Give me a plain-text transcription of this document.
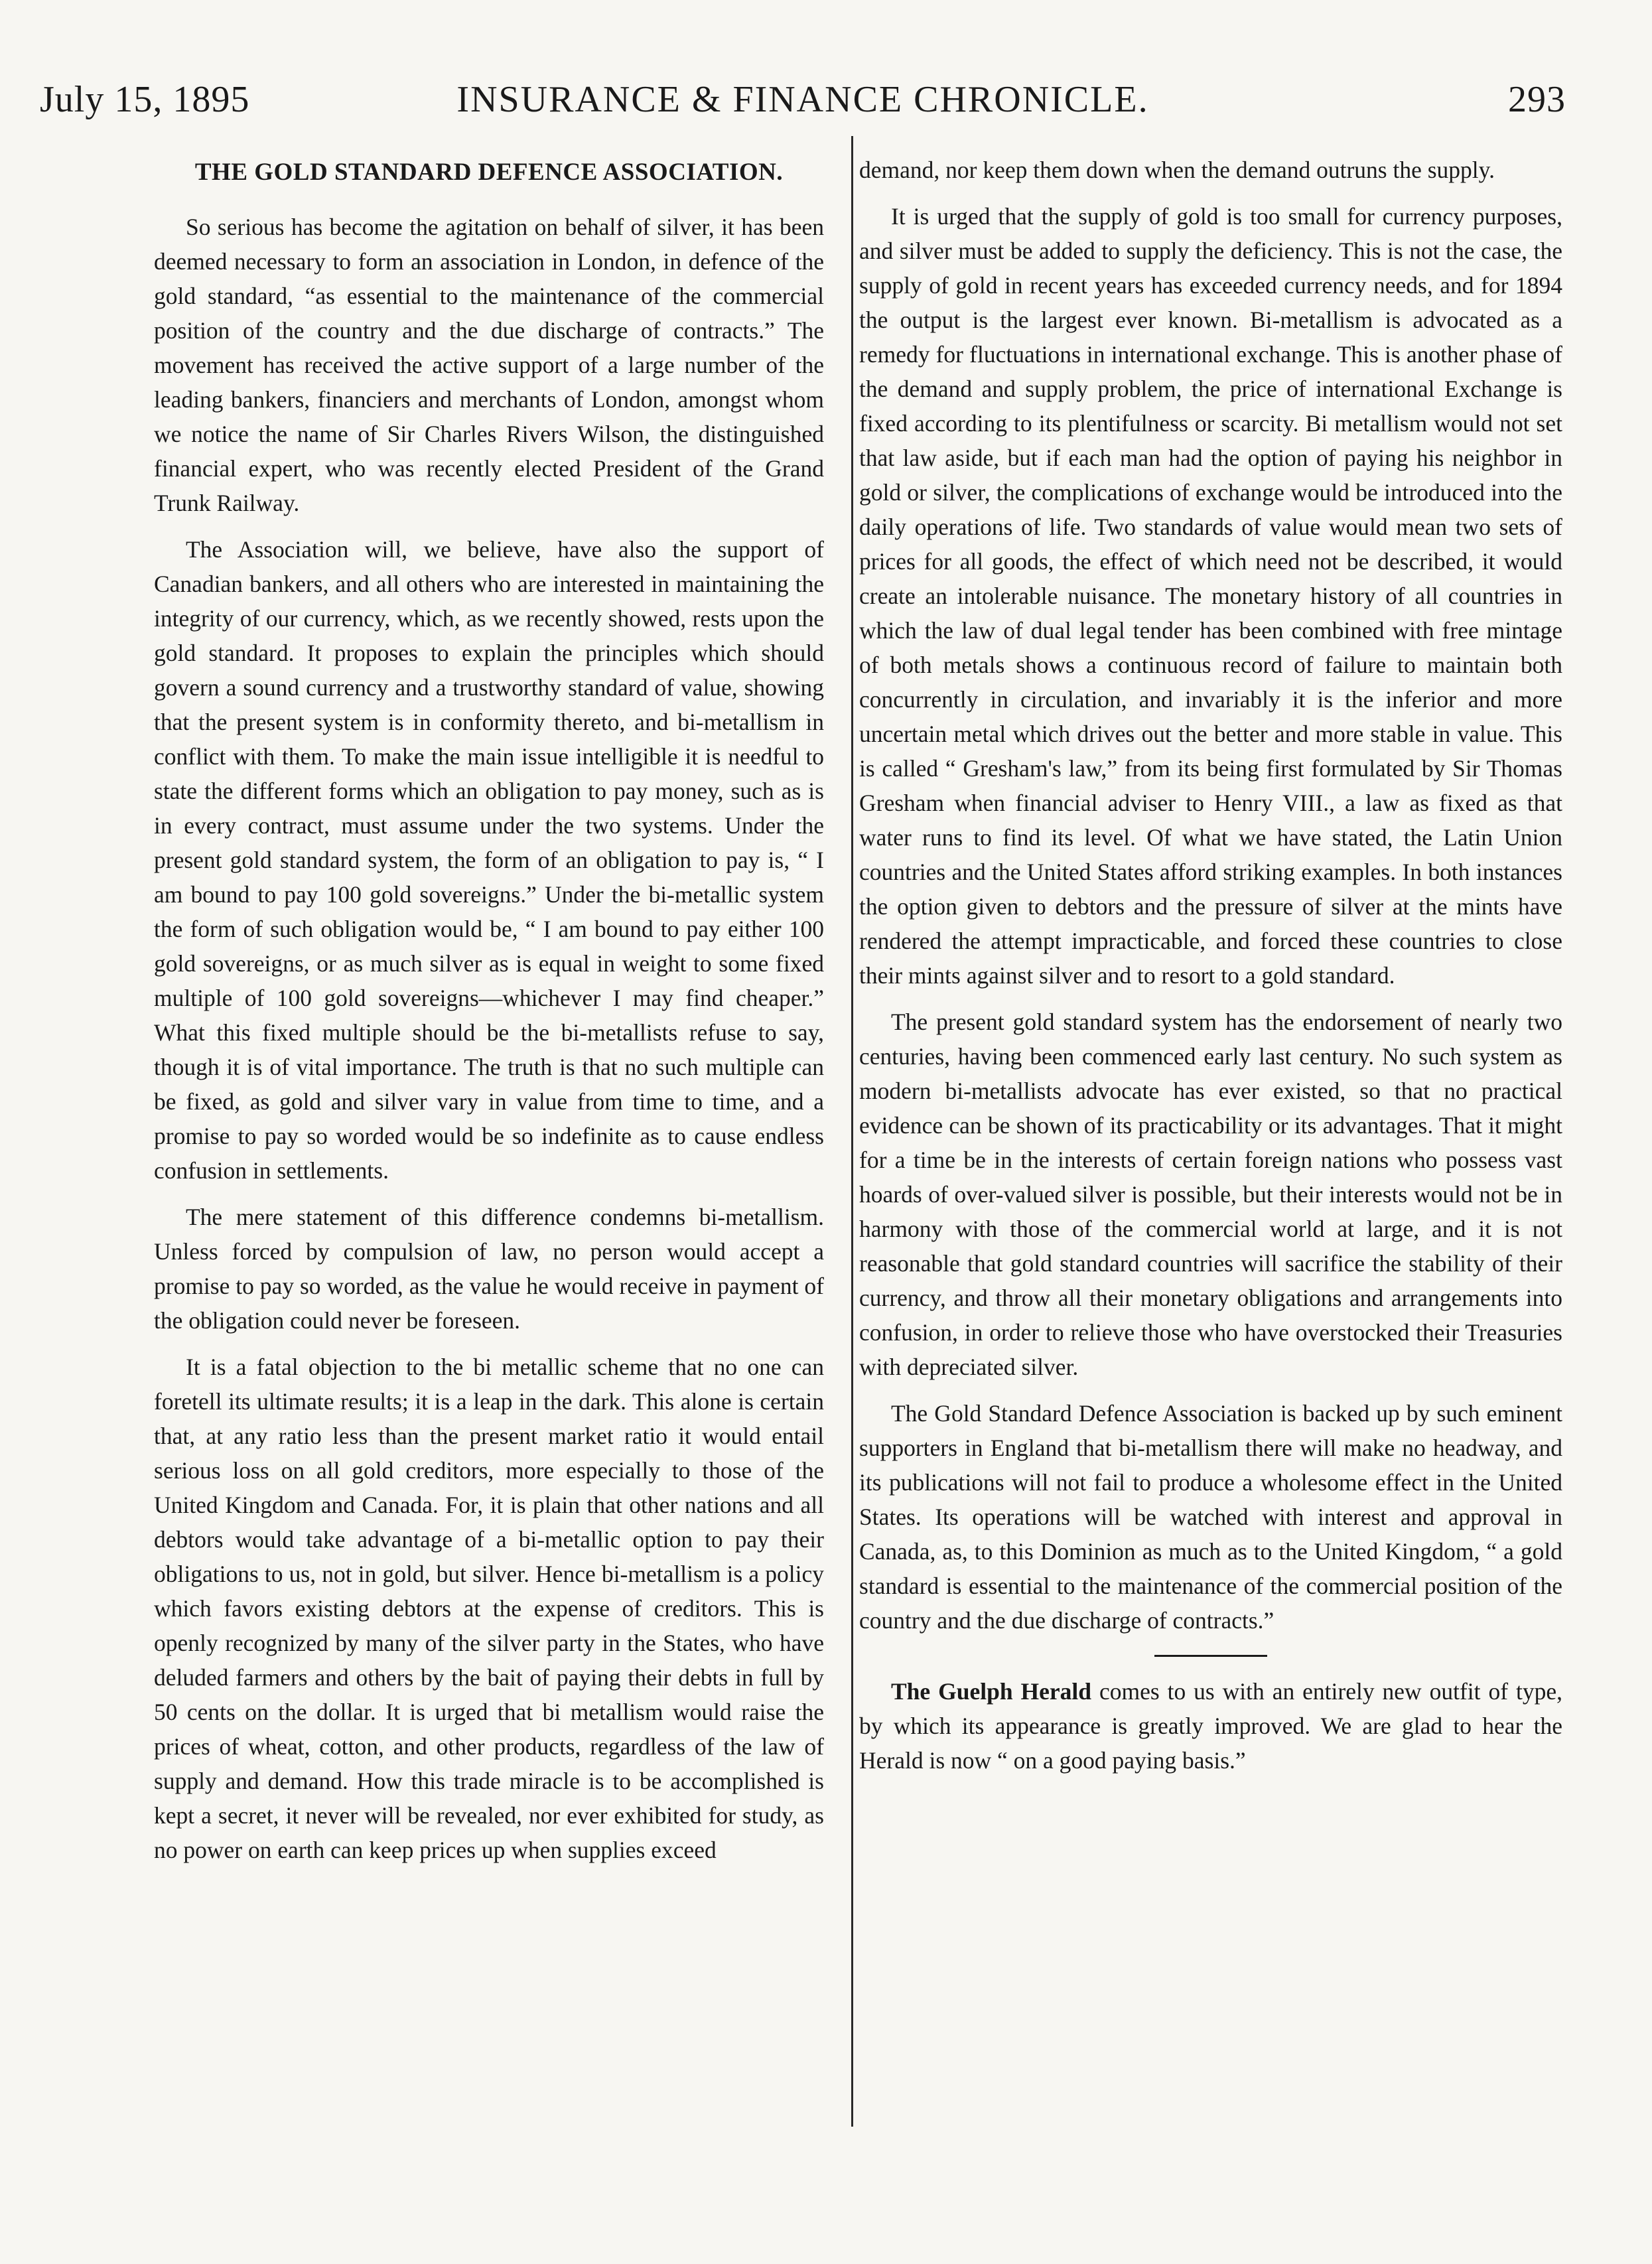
July 15, 1895	INSURANCE & FINANCE CHRONICLE.	293
THE GOLD STANDARD DEFENCE ASSOCIATION.

So serious has become the agitation on behalf of silver, it has been deemed necessary to form an association in London, in defence of the gold standard, “as essential to the maintenance of the commercial position of the country and the due discharge of contracts.” The movement has received the active support of a large number of the leading bankers, financiers and merchants of London, amongst whom we notice the name of Sir Charles Rivers Wilson, the distinguished financial expert, who was recently elected President of the Grand Trunk Railway.

The Association will, we believe, have also the support of Canadian bankers, and all others who are interested in maintaining the integrity of our currency, which, as we recently showed, rests upon the gold standard. It proposes to explain the principles which should govern a sound currency and a trustworthy standard of value, showing that the present system is in conformity thereto, and bi-metallism in conflict with them. To make the main issue intelligible it is needful to state the different forms which an obligation to pay money, such as is in every contract, must assume under the two systems. Under the present gold standard system, the form of an obligation to pay is, “ I am bound to pay 100 gold sovereigns.” Under the bi-metallic system the form of such obligation would be, “ I am bound to pay either 100 gold sovereigns, or as much silver as is equal in weight to some fixed multiple of 100 gold sovereigns—whichever I may find cheaper.” What this fixed multiple should be the bi-metallists refuse to say, though it is of vital importance. The truth is that no such multiple can be fixed, as gold and silver vary in value from time to time, and a promise to pay so worded would be so indefinite as to cause endless confusion in settlements.

The mere statement of this difference condemns bi-metallism. Unless forced by compulsion of law, no person would accept a promise to pay so worded, as the value he would receive in payment of the obligation could never be foreseen.

It is a fatal objection to the bi metallic scheme that no one can foretell its ultimate results; it is a leap in the dark. This alone is certain that, at any ratio less than the present market ratio it would entail serious loss on all gold creditors, more especially to those of the United Kingdom and Canada. For, it is plain that other nations and all debtors would take advantage of a bi-metallic option to pay their obligations to us, not in gold, but silver. Hence bi-metallism is a policy which favors existing debtors at the expense of creditors. This is openly recognized by many of the silver party in the States, who have deluded farmers and others by the bait of paying their debts in full by 50 cents on the dollar. It is urged that bi metallism would raise the prices of wheat, cotton, and other products, regardless of the law of supply and demand. How this trade miracle is to be accomplished is kept a secret, it never will be revealed, nor ever exhibited for study, as no power on earth can keep prices up when supplies exceed

demand, nor keep them down when the demand outruns the supply.

It is urged that the supply of gold is too small for currency purposes, and silver must be added to supply the deficiency. This is not the case, the supply of gold in recent years has exceeded currency needs, and for 1894 the output is the largest ever known. Bi-metallism is advocated as a remedy for fluctuations in international exchange. This is another phase of the demand and supply problem, the price of international Exchange is fixed according to its plentifulness or scarcity. Bi metallism would not set that law aside, but if each man had the option of paying his neighbor in gold or silver, the complications of exchange would be introduced into the daily operations of life. Two standards of value would mean two sets of prices for all goods, the effect of which need not be described, it would create an intolerable nuisance. The monetary history of all countries in which the law of dual legal tender has been combined with free mintage of both metals shows a continuous record of failure to maintain both concurrently in circulation, and invariably it is the inferior and more uncertain metal which drives out the better and more stable in value. This is called “ Gresham's law,” from its being first formulated by Sir Thomas Gresham when financial adviser to Henry VIII., a law as fixed as that water runs to find its level. Of what we have stated, the Latin Union countries and the United States afford striking examples. In both instances the option given to debtors and the pressure of silver at the mints have rendered the attempt impracticable, and forced these countries to close their mints against silver and to resort to a gold standard.

The present gold standard system has the endorsement of nearly two centuries, having been commenced early last century. No such system as modern bi-metallists advocate has ever existed, so that no practical evidence can be shown of its practicability or its advantages. That it might for a time be in the interests of certain foreign nations who possess vast hoards of over-valued silver is possible, but their interests would not be in harmony with those of the commercial world at large, and it is not reasonable that gold standard countries will sacrifice the stability of their currency, and throw all their monetary obligations and arrangements into confusion, in order to relieve those who have overstocked their Treasuries with depreciated silver.

The Gold Standard Defence Association is backed up by such eminent supporters in England that bi-metallism there will make no headway, and its publications will not fail to produce a wholesome effect in the United States. Its operations will be watched with interest and approval in Canada, as, to this Dominion as much as to the United Kingdom, “ a gold standard is essential to the maintenance of the commercial position of the country and the due discharge of contracts.”

The Guelph Herald comes to us with an entirely new outfit of type, by which its appearance is greatly improved. We are glad to hear the Herald is now “ on a good paying basis.”
